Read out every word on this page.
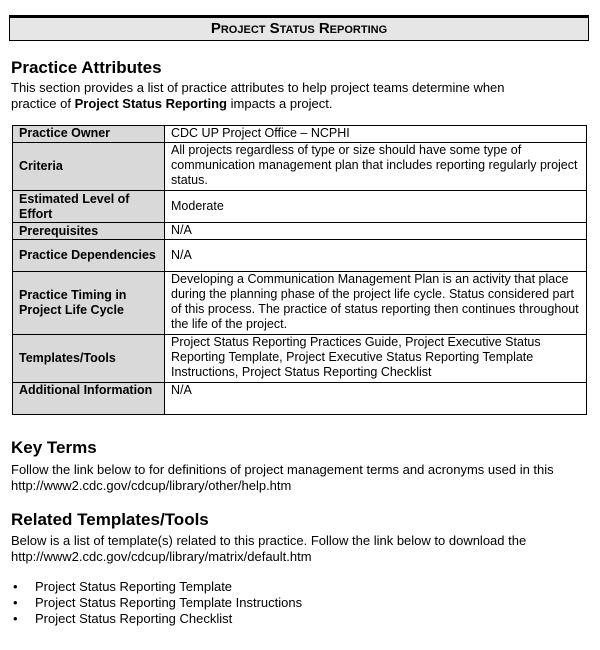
Project Status Reporting
Practice Attributes
This section provides a list of practice attributes to help project teams determine when
practice of Project Status Reporting impacts a project.
Practice Owner	CDC UP Project Office – NCPHI
Criteria	All projects regardless of type or size should have some type of communication management plan that includes reporting regularly project status.
Estimated Level of Effort	Moderate
Prerequisites	N/A
Practice Dependencies	N/A
Practice Timing in Project Life Cycle	Developing a Communication Management Plan is an activity that place during the planning phase of the project life cycle. Status considered part of this process. The practice of status reporting then continues throughout the life of the project.
Templates/Tools	Project Status Reporting Practices Guide, Project Executive Status Reporting Template, Project Executive Status Reporting Template Instructions, Project Status Reporting Checklist
Additional Information	N/A
Key Terms
Follow the link below to for definitions of project management terms and acronyms used in this
http://www2.cdc.gov/cdcup/library/other/help.htm
Related Templates/Tools
Below is a list of template(s) related to this practice. Follow the link below to download the
http://www2.cdc.gov/cdcup/library/matrix/default.htm
• Project Status Reporting Template
• Project Status Reporting Template Instructions
• Project Status Reporting Checklist
